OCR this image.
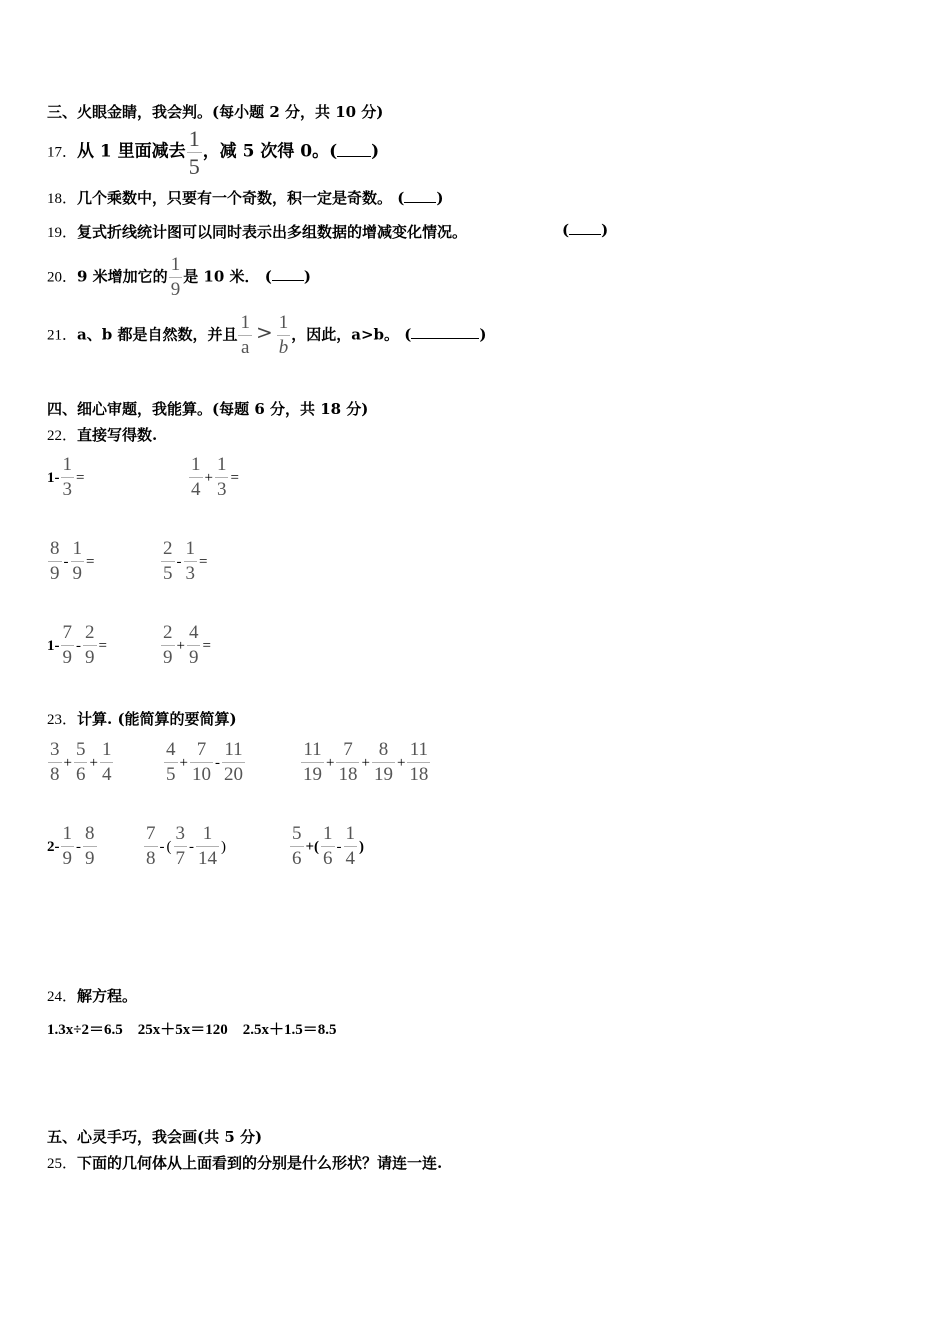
三、火眼金睛，我会判。(每小题 2 分，共 10 分)
17．从 1 里面减去 $\frac{1}{5}$ ，减 5 次得 0。( )
18．几个乘数中，只要有一个奇数，积一定是奇数。 ( )
19．复式折线统计图可以同时表示出多组数据的增减变化情况。	( )
20．9 米增加它的 $\frac{1}{9}$ 是 10 米． ( )
21．a、b 都是自然数，并且 $\frac{1}{a} > \frac{1}{b}$ ，因此，a>b。 (	)
四、细心审题，我能算。(每题 6 分，共 18 分)
22．直接写得数.
$1- \frac{1}{3}$ =	$\frac{1}{4} + \frac{1}{3}$ =
$\frac{8}{9} - \frac{1}{9}$ =	$\frac{2}{5} - \frac{1}{3}$ =
$1- \frac{7}{9} - \frac{2}{9}$ =	$\frac{2}{9} + \frac{4}{9}$ =
23．计算. (能简算的要简算)
$\frac{3}{8} + \frac{5}{6} + \frac{1}{4}$	$\frac{4}{5} + \frac{7}{10} - \frac{11}{20}$	$\frac{11}{19} + \frac{7}{18} + \frac{8}{19} + \frac{11}{18}$
$2- \frac{1}{9} - \frac{8}{9}$	$\frac{7}{8}$ - ( $\frac{3}{7} - \frac{1}{14}$ )	$\frac{5}{6}$ +( $\frac{1}{6} - \frac{1}{4}$ )
24．解方程。
1.3x÷2＝6.5    25x＋5x＝120    2.5x＋1.5＝8.5
五、心灵手巧，我会画(共 5 分)
25．下面的几何体从上面看到的分别是什么形状？请连一连.
